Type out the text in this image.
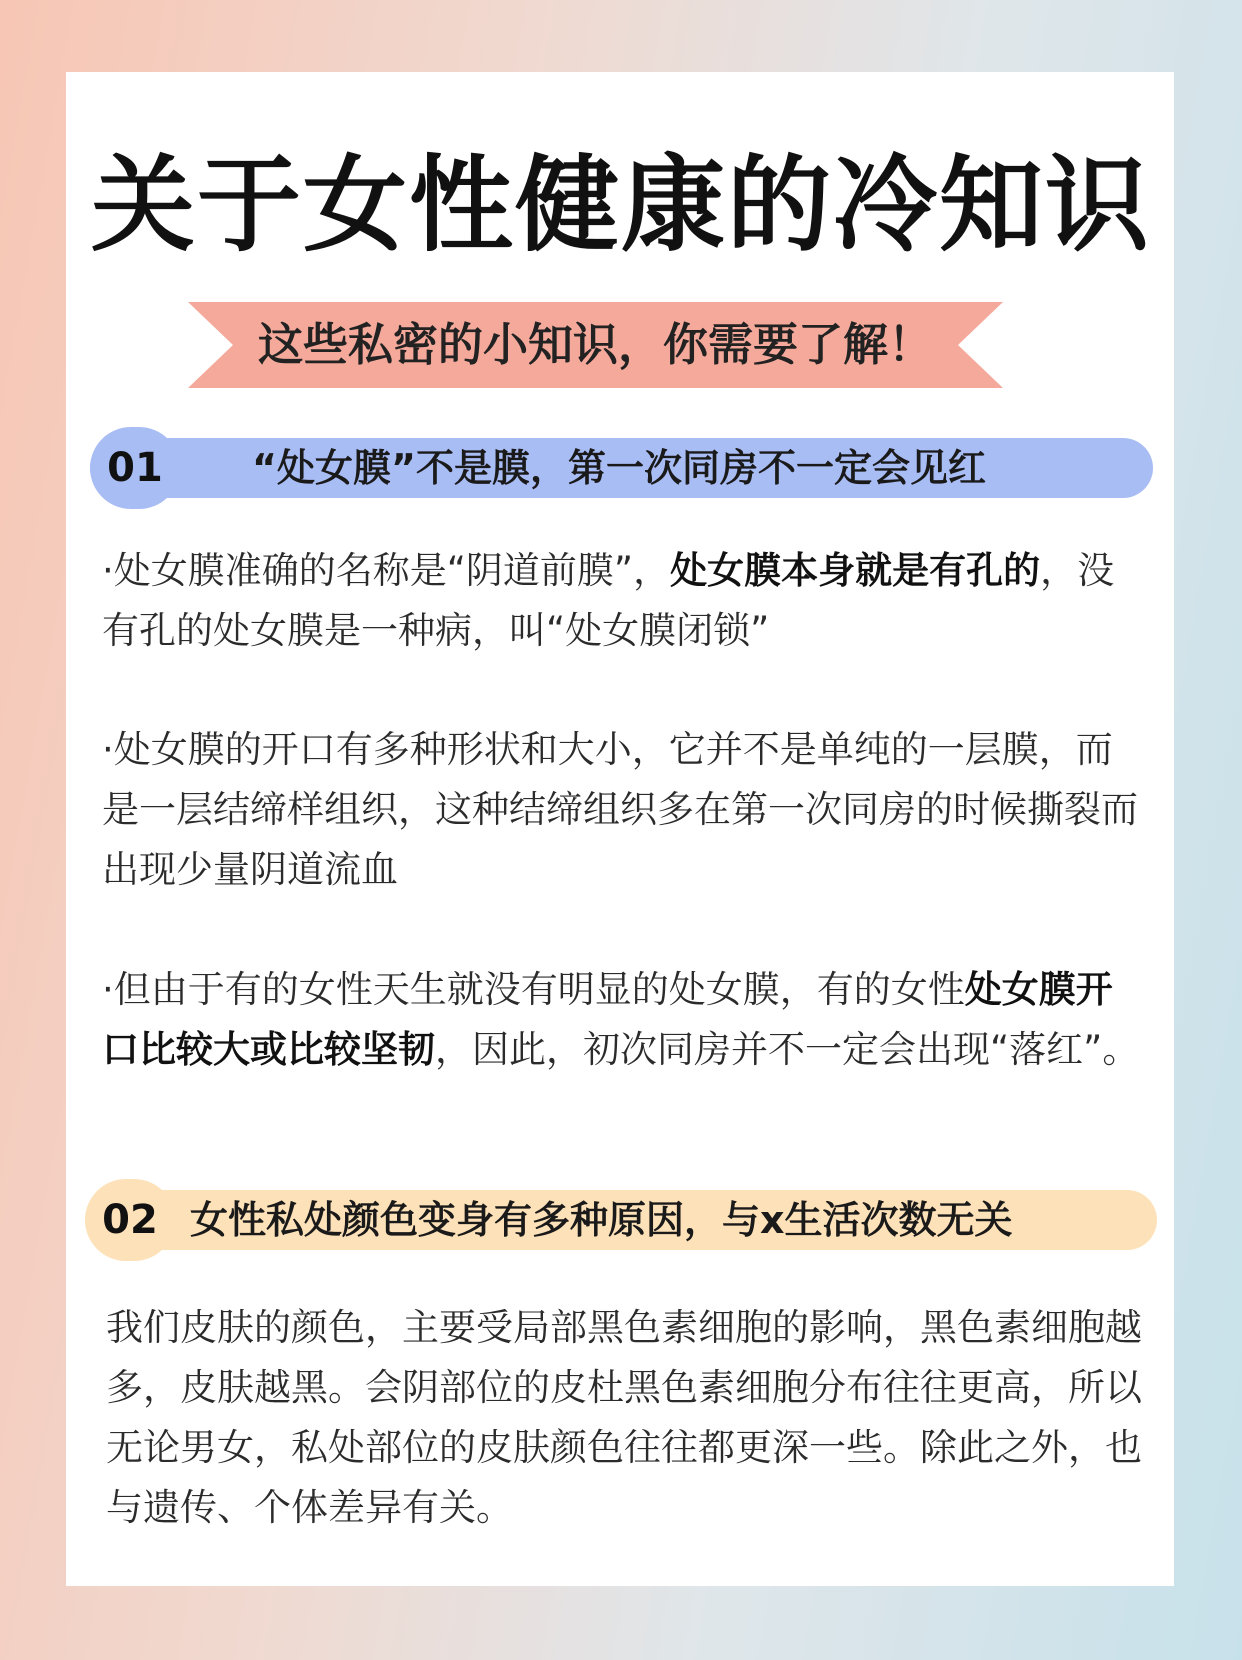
关于女性健康的冷知识
这些私密的小知识，你需要了解！
01	“处女膜”不是膜，第一次同房不一定会见红

·处女膜准确的名称是“阴道前膜”，处女膜本身就是有孔的，没有孔的处女膜是一种病，叫“处女膜闭锁”

·处女膜的开口有多种形状和大小，它并不是单纯的一层膜，而是一层结缔样组织，这种结缔组织多在第一次同房的时候撕裂而出现少量阴道流血

·但由于有的女性天生就没有明显的处女膜，有的女性处女膜开口比较大或比较坚韧，因此，初次同房并不一定会出现“落红”。

02 女性私处颜色变身有多种原因，与x生活次数无关

我们皮肤的颜色，主要受局部黑色素细胞的影响，黑色素细胞越多，皮肤越黑。会阴部位的皮杜黑色素细胞分布往往更高，所以无论男女，私处部位的皮肤颜色往往都更深一些。除此之外，也与遗传、个体差异有关。
